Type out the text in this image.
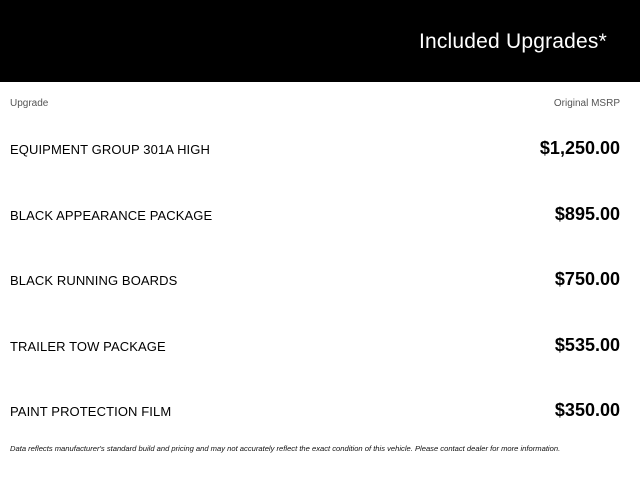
Included Upgrades*
Upgrade	Original MSRP
EQUIPMENT GROUP 301A HIGH	$1,250.00
BLACK APPEARANCE PACKAGE	$895.00
BLACK RUNNING BOARDS	$750.00
TRAILER TOW PACKAGE	$535.00
PAINT PROTECTION FILM	$350.00
Data reflects manufacturer's standard build and pricing and may not accurately reflect the exact condition of this vehicle. Please contact dealer for more information.
